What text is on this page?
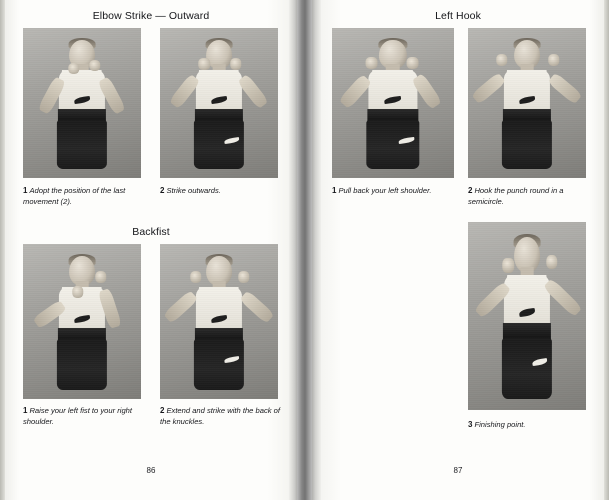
Elbow Strike — Outward
1 Adopt the position of the last movement (2).
2 Strike outwards.
Backfist
1 Raise your left fist to your right shoulder.
2 Extend and strike with the back of the knuckles.
86
Left Hook
1 Pull back your left shoulder.	2 Hook the punch round in a semicircle.
3 Finishing point.
87
